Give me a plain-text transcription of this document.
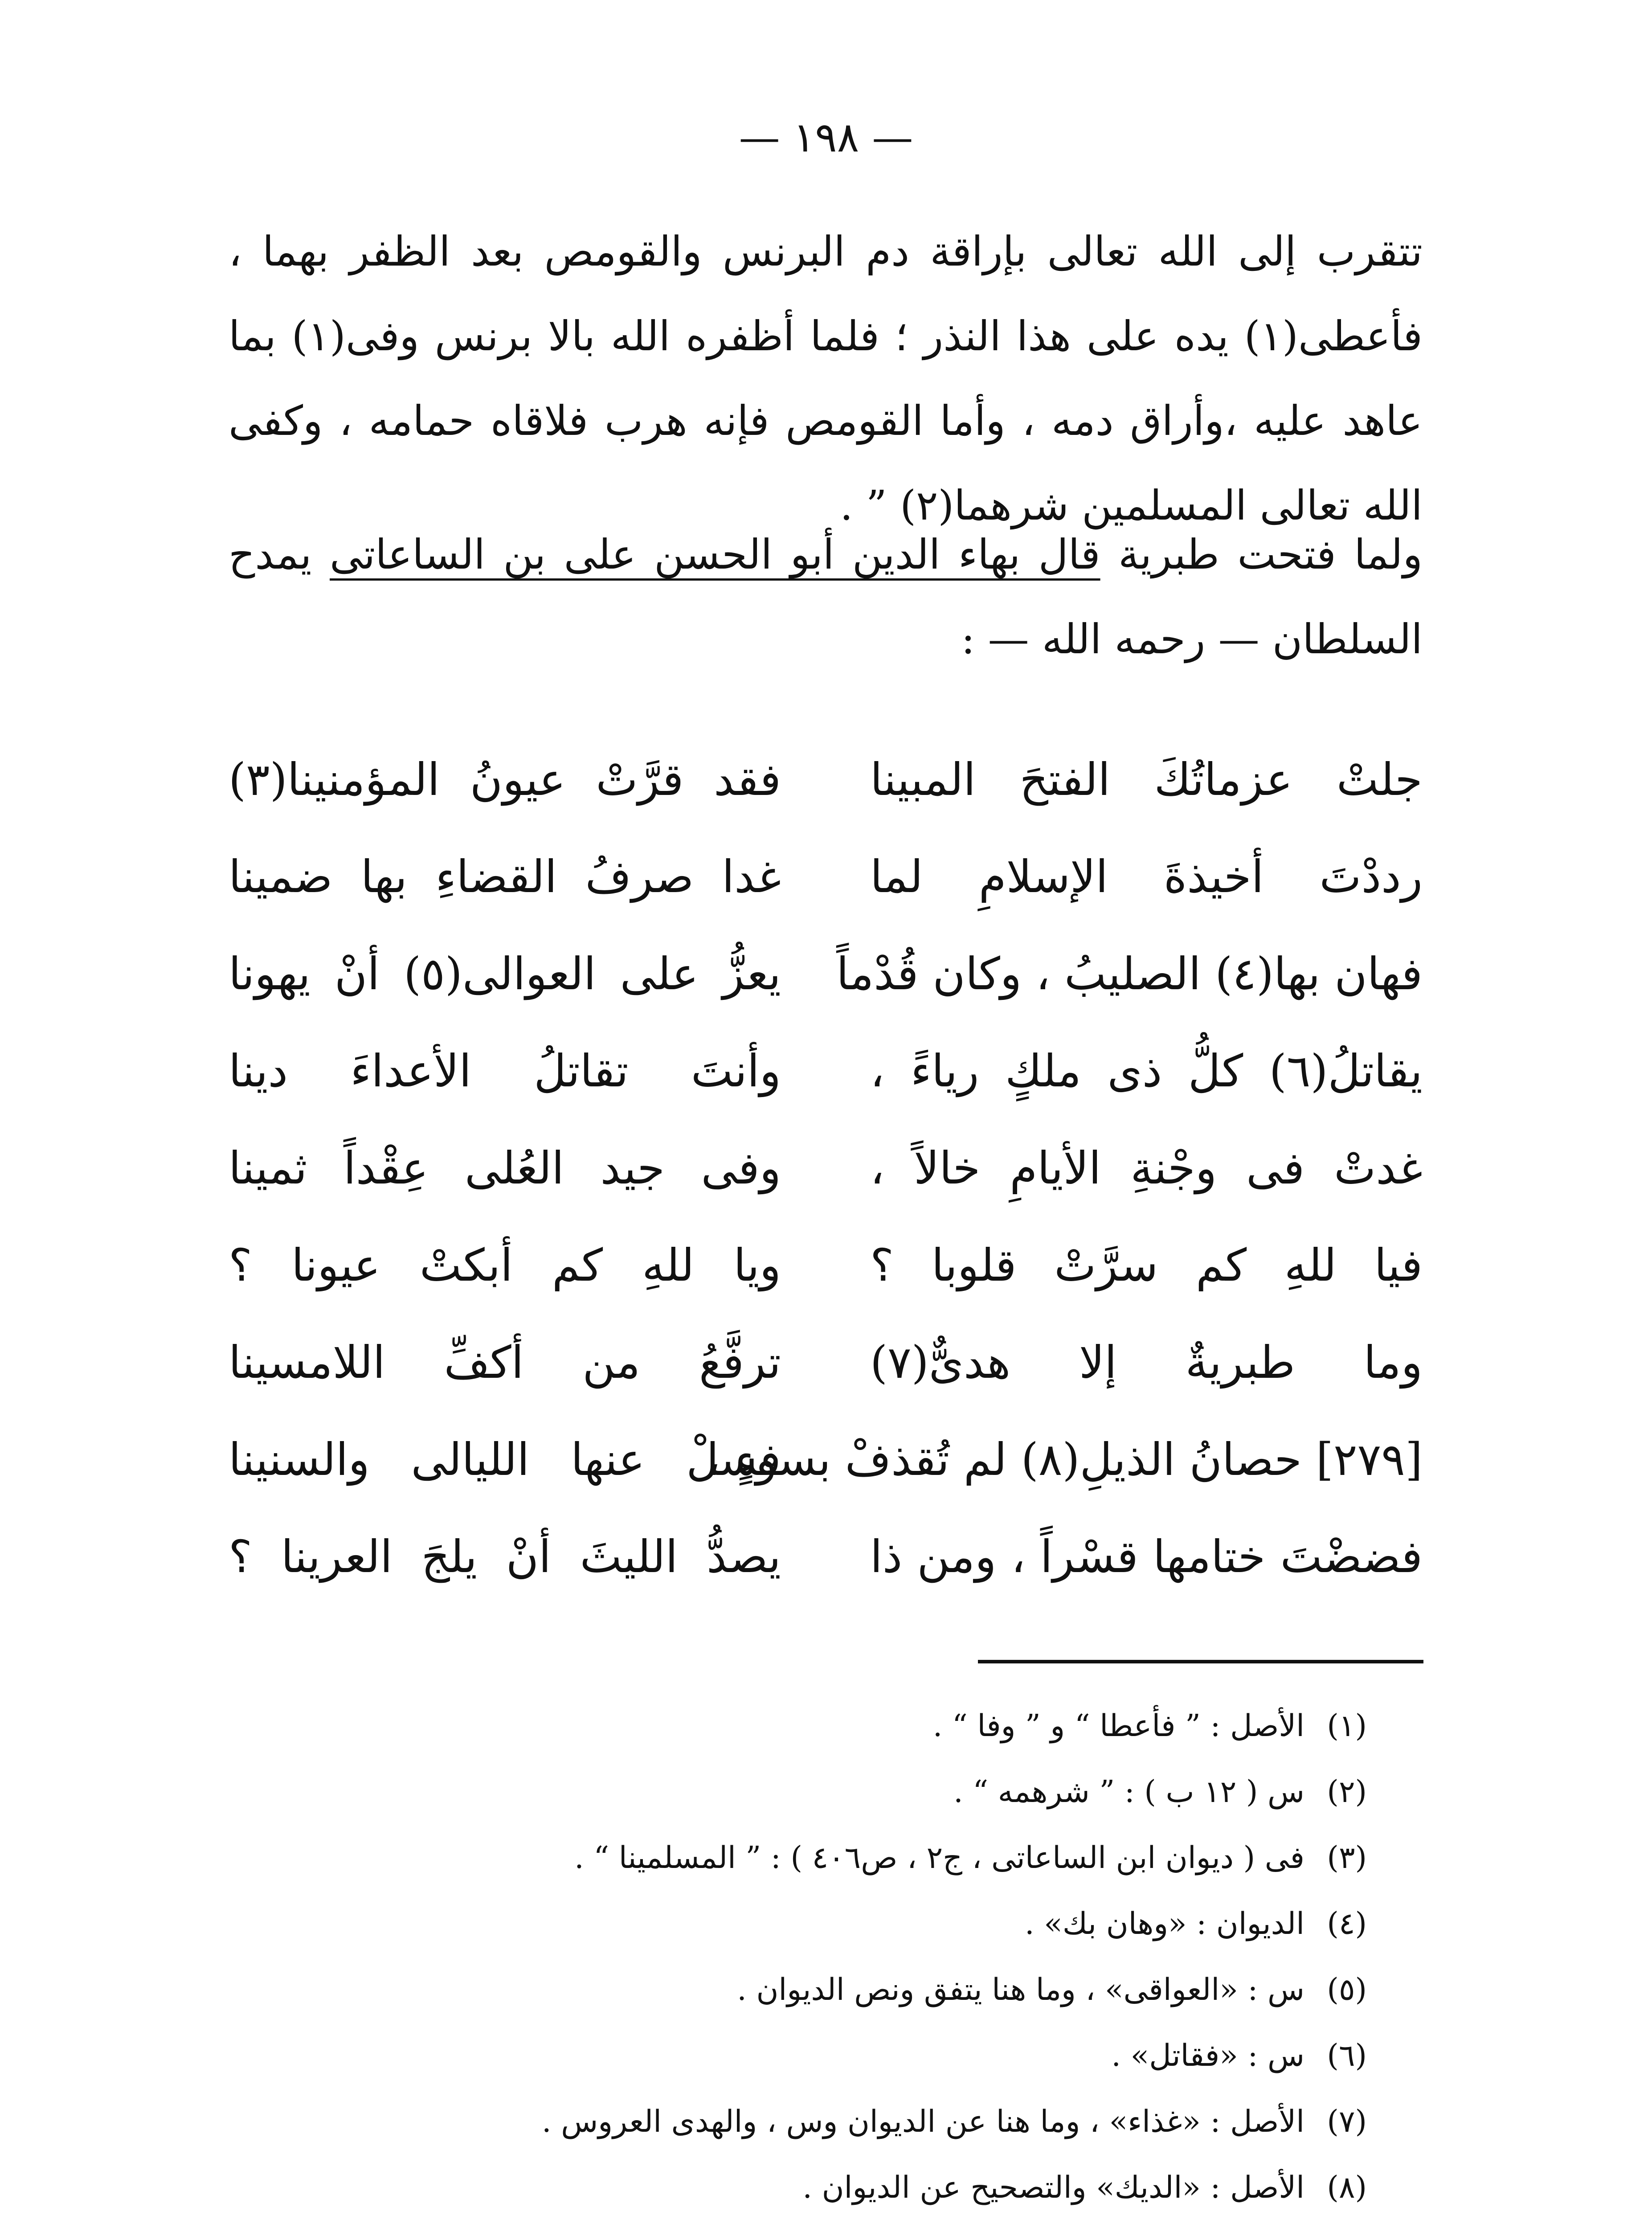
— ١٩٨ —

تتقرب إلى الله تعالى بإراقة دم البرنس والقومص بعد الظفر بهما ، فأعطى(١) يده على هذا النذر ؛ فلما أظفره الله بالا برنس وفى(١) بما عاهد عليه ،وأراق دمه ، وأما القومص فإنه هرب فلاقاه حمامه ، وكفى الله تعالى المسلمين شرهما(٢) ” .

ولما فتحت طبرية قال بهاء الدين أبو الحسن على بن الساعاتى يمدح السلطان — رحمه الله — :

جلتْ عزماتُكَ الفتحَ المبينا
فقد قرَّتْ عيونُ المؤمنينا(٣)
رددْتَ أخيذةَ الإسلامِ لما
غدا صرفُ القضاءِ بها ضمينا
فهان بها(٤) الصليبُ ، وكان قُدْماً
يعزُّ على العوالى(٥) أنْ يهونا
يقاتلُ(٦) كلُّ ذى ملكٍ رياءً ،
وأنتَ تقاتلُ الأعداءَ دينا
غدتْ فى وجْنةِ الأيامِ خالاً ،
وفى جيد العُلى عِقْداً ثمينا
فيا للهِ كم سرَّتْ قلوبا ؟
ويا للهِ كم أبكتْ عيونا ؟
وما طبريةٌ إلا هدىٌّ(٧)
ترفَّعُ من أكفِّ اللامسينا
[٢٧٩] حصانُ الذيلِ(٨) لم تُقذفْ بسوءٍ ،
فسلْ عنها الليالى والسنينا
فضضْتَ ختامها قسْراً ، ومن ذا
يصدُّ الليثَ أنْ يلجَ العرينا ؟
(١)الأصل : ” فأعطا “ و ” وفا “ .
(٢)س ( ١٢ ب ) : ” شرهمه “ .
(٣)فى ( ديوان ابن الساعاتى ، ج٢ ، ص٤٠٦ ) : ” المسلمينا “ .
(٤)الديوان : «وهان بك» .
(٥)س : «العواقى» ، وما هنا يتفق ونص الديوان .
(٦)س : «فقاتل» .
(٧)الأصل : «غذاء» ، وما هنا عن الديوان وس ، والهدى العروس .
(٨)الأصل : «الديك» والتصحيح عن الديوان .
